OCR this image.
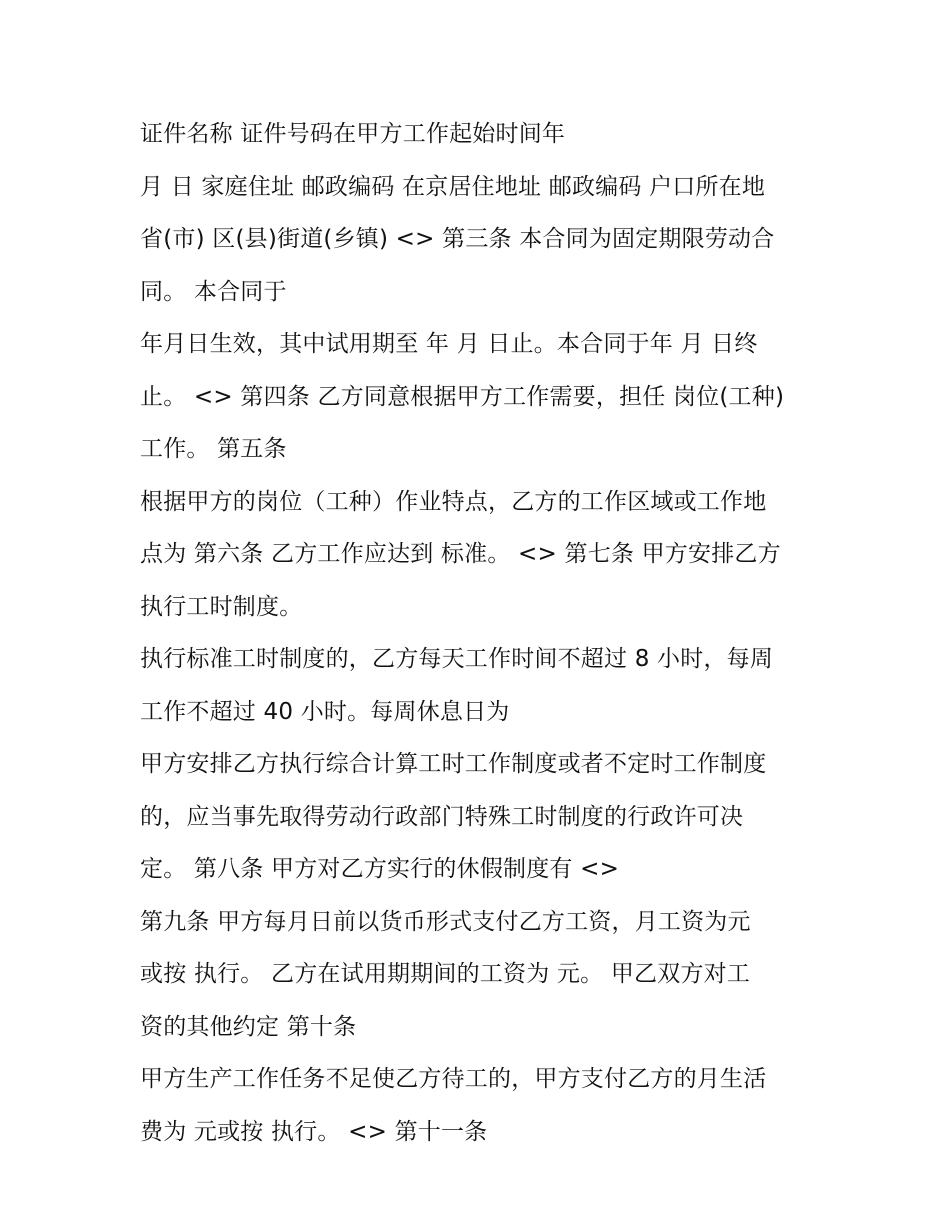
证件名称 证件号码在甲方工作起始时间年
月 日 家庭住址 邮政编码 在京居住地址 邮政编码 户口所在地
省(市) 区(县)街道(乡镇) <> 第三条 本合同为固定期限劳动合
同。 本合同于
年月日生效，其中试用期至 年 月 日止。本合同于年 月 日终
止。 <> 第四条 乙方同意根据甲方工作需要，担任 岗位(工种)
工作。 第五条
根据甲方的岗位（工种）作业特点，乙方的工作区域或工作地
点为 第六条 乙方工作应达到 标准。 <> 第七条 甲方安排乙方
执行工时制度。
执行标准工时制度的，乙方每天工作时间不超过 8 小时，每周
工作不超过 40 小时。每周休息日为
甲方安排乙方执行综合计算工时工作制度或者不定时工作制度
的，应当事先取得劳动行政部门特殊工时制度的行政许可决
定。 第八条 甲方对乙方实行的休假制度有 <>
第九条 甲方每月日前以货币形式支付乙方工资，月工资为元
或按 执行。 乙方在试用期期间的工资为 元。 甲乙双方对工
资的其他约定 第十条
甲方生产工作任务不足使乙方待工的，甲方支付乙方的月生活
费为 元或按 执行。 <> 第十一条
